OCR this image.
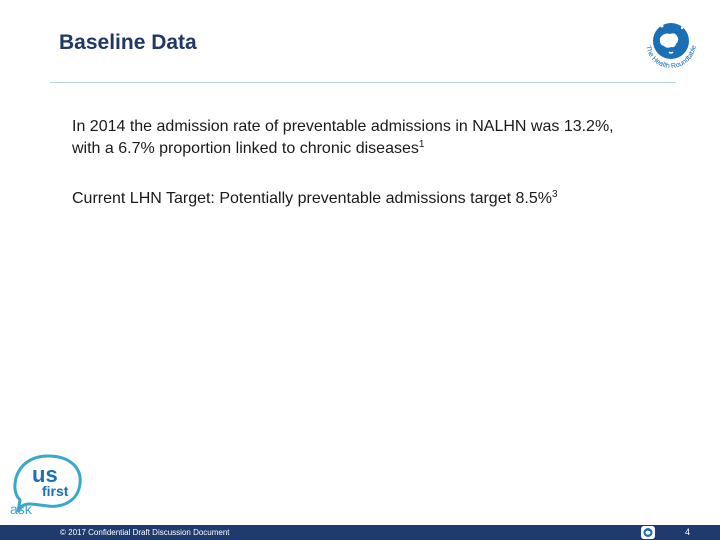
Baseline Data	The Health Roundtable

In 2014 the admission rate of preventable admissions in NALHN was 13.2%, with a 6.7% proportion linked to chronic diseases$^1$

Current LHN Target: Potentially preventable admissions target 8.5%$^3$

us
first
ask
© 2017 Confidential Draft Discussion Document	4
